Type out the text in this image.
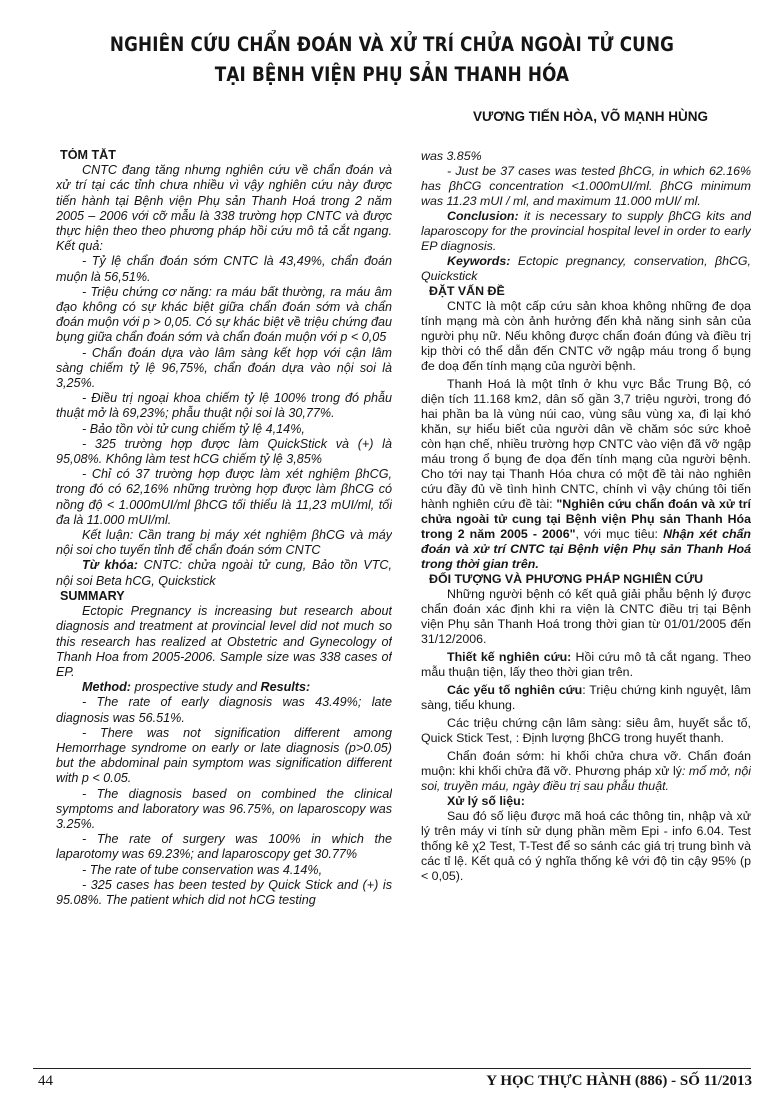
NGHIÊN CỨU CHẨN ĐOÁN VÀ XỬ TRÍ CHỬA NGOÀI TỬ CUNG
TẠI BỆNH VIỆN PHỤ SẢN THANH HÓA
VƯƠNG TIẾN HÒA, VÕ MẠNH HÙNG

TÓM TẮT

CNTC đang tăng nhưng nghiên cứu về chẩn đoán và xử trí tại các tỉnh chưa nhiều vì vậy nghiên cứu này được tiến hành tại Bệnh viện Phụ sản Thanh Hoá trong 2 năm 2005 – 2006 với cỡ mẫu là 338 trường hợp CNTC và được thực hiện theo theo phương pháp hồi cứu mô tả cắt ngang. Kết quả:

- Tỷ lệ chẩn đoán sớm CNTC là 43,49%, chẩn đoán muộn là 56,51%.

- Triệu chứng cơ năng: ra máu bất thường, ra máu âm đạo không có sự khác biệt giữa chẩn đoán sớm và chẩn đoán muộn với p > 0,05. Có sự khác biệt về triệu chứng đau bụng giữa chẩn đoán sớm và chẩn đoán muộn với p < 0,05

- Chẩn đoán dựa vào lâm sàng kết hợp với cận lâm sàng chiếm tỷ lệ 96,75%, chẩn đoán dựa vào nội soi là 3,25%.

- Điều trị ngoại khoa chiếm tỷ lệ 100% trong đó phẫu thuật mở là 69,23%; phẫu thuật nội soi là 30,77%.

- Bảo tồn vòi tử cung chiếm tỷ lệ 4,14%,

- 325 trường hợp được làm QuickStick và (+) là 95,08%. Không làm test hCG chiếm tỷ lệ 3,85%

- Chỉ có 37 trường hợp được làm xét nghiệm βhCG, trong đó có 62,16% những trường hợp được làm βhCG có nồng độ < 1.000mUI/ml βhCG tối thiểu là 11,23 mUI/ml, tối đa là 11.000 mUI/ml.

Kết luận: Cần trang bị máy xét nghiệm βhCG và máy nội soi cho tuyến tỉnh để chẩn đoán sớm CNTC

Từ khóa: CNTC: chửa ngoài tử cung, Bảo tồn VTC, nội soi Beta hCG, Quickstick

SUMMARY

Ectopic Pregnancy is increasing but research about diagnosis and treatment at provincial level did not much so this research has realized at Obstetric and Gynecology of Thanh Hoa from 2005-2006. Sample size was 338 cases of EP.

Method: prospective study and Results:

- The rate of early diagnosis was 43.49%; late diagnosis was 56.51%.

- There was not signification different among Hemorrhage syndrome on early or late diagnosis (p>0.05) but the abdominal pain symptom was signification different with p < 0.05.

- The diagnosis based on combined the clinical symptoms and laboratory was 96.75%, on laparoscopy was 3.25%.

- The rate of surgery was 100% in which the laparotomy was 69.23%; and laparoscopy get 30.77%

- The rate of tube conservation was 4.14%,

- 325 cases has been tested by Quick Stick and (+) is 95.08%. The patient which did not hCG testing

was 3.85%

- Just be 37 cases was tested βhCG, in which 62.16% has βhCG concentration <1.000mUI/ml. βhCG minimum was 11.23 mUI / ml, and maximum 11.000 mUI/ ml.

Conclusion: it is necessary to supply βhCG kits and laparoscopy for the provincial hospital level in order to early EP diagnosis.

Keywords: Ectopic pregnancy, conservation, βhCG, Quickstick

ĐẶT VẤN ĐỀ

CNTC là một cấp cứu sản khoa không những đe dọa tính mạng mà còn ảnh hưởng đến khả năng sinh sản của người phụ nữ. Nếu không được chẩn đoán đúng và điều trị kịp thời có thể dẫn đến CNTC vỡ ngập máu trong ổ bụng đe doạ đến tính mạng của người bệnh.

Thanh Hoá là một tỉnh ở khu vực Bắc Trung Bộ, có diện tích 11.168 km2, dân số gần 3,7 triệu người, trong đó hai phần ba là vùng núi cao, vùng sâu vùng xa, đi lại khó khăn, sự hiểu biết của người dân về chăm sóc sức khoẻ còn hạn chế, nhiều trường hợp CNTC vào viện đã vỡ ngập máu trong ổ bụng đe dọa đến tính mạng của người bệnh. Cho tới nay tại Thanh Hóa chưa có một đề tài nào nghiên cứu đầy đủ về tình hình CNTC, chính vì vậy chúng tôi tiến hành nghiên cứu đề tài: "Nghiên cứu chẩn đoán và xử trí chửa ngoài tử cung tại Bệnh viện Phụ sản Thanh Hóa trong 2 năm 2005 - 2006", với mục tiêu: Nhận xét chẩn đoán và xử trí CNTC tại Bệnh viện Phụ sản Thanh Hoá trong thời gian trên.

ĐỐI TƯỢNG VÀ PHƯƠNG PHÁP NGHIÊN CỨU

Những người bệnh có kết quả giải phẫu bệnh lý được chẩn đoán xác định khi ra viện là CNTC điều trị tại Bệnh viện Phụ sản Thanh Hoá trong thời gian từ 01/01/2005 đến 31/12/2006.

Thiết kế nghiên cứu: Hồi cứu mô tả cắt ngang. Theo mẫu thuận tiện, lấy theo thời gian trên.

Các yếu tố nghiên cứu: Triệu chứng kinh nguyệt, lâm sàng, tiểu khung.

Các triệu chứng cận lâm sàng: siêu âm, huyết sắc tố, Quick Stick Test, : Định lượng βhCG trong huyết thanh.

Chẩn đoán sớm: hi khối chửa chưa vỡ. Chẩn đoán muộn: khi khối chửa đã vỡ. Phương pháp xử lý: mổ mở, nội soi, truyền máu, ngày điều trị sau phẫu thuật.

Xử lý số liệu:

Sau đó số liệu được mã hoá các thông tin, nhập và xử lý trên máy vi tính sử dụng phần mềm Epi - info 6.04. Test thống kê χ2 Test, T-Test để so sánh các giá trị trung bình và các tỉ lệ. Kết quả có ý nghĩa thống kê với độ tin cậy 95% (p < 0,05).

44	Y HỌC THỰC HÀNH (886) - SỐ 11/2013
